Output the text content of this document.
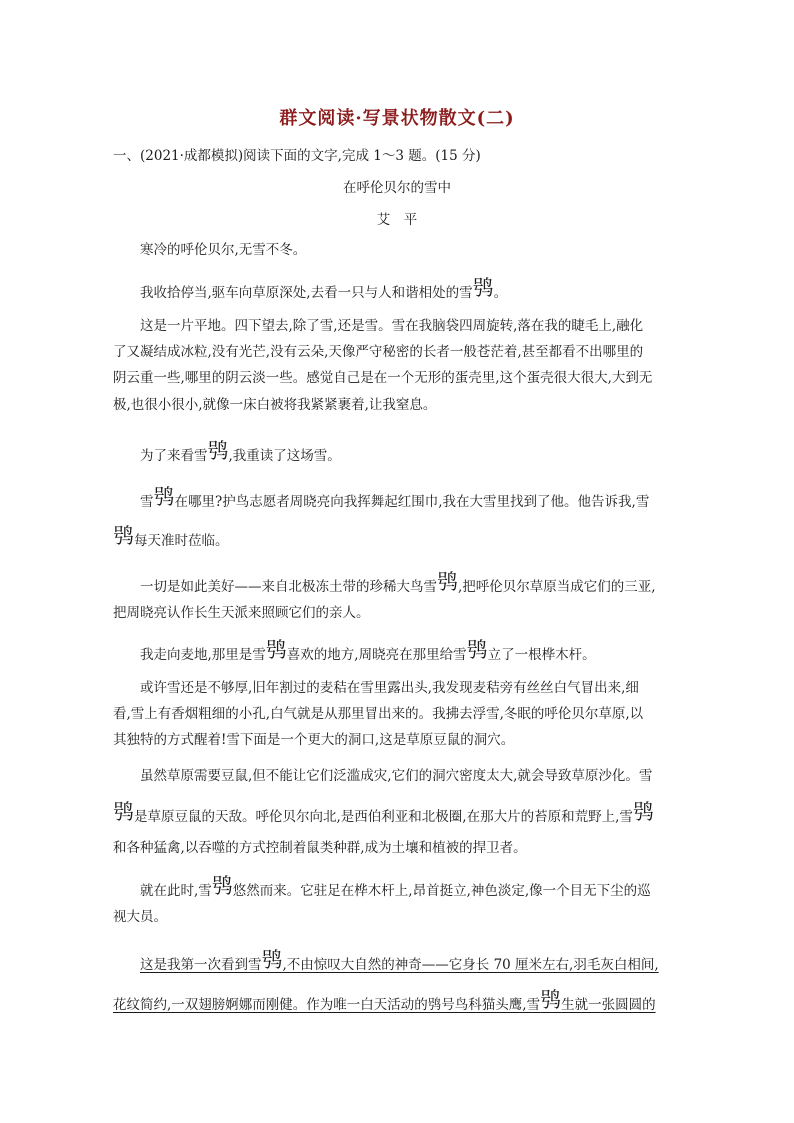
群文阅读·写景状物散文(二)
一、(2021·成都模拟)阅读下面的文字,完成 1～3 题。(15 分)
在呼伦贝尔的雪中
艾　平
寒冷的呼伦贝尔,无雪不冬。
我收拾停当,驱车向草原深处,去看一只与人和谐相处的雪鸮。
这是一片平地。四下望去,除了雪,还是雪。雪在我脑袋四周旋转,落在我的睫毛上,融化
了又凝结成冰粒,没有光芒,没有云朵,天像严守秘密的长者一般苍茫着,甚至都看不出哪里的
阴云重一些,哪里的阴云淡一些。感觉自己是在一个无形的蛋壳里,这个蛋壳很大很大,大到无
极,也很小很小,就像一床白被将我紧紧裹着,让我窒息。
为了来看雪鸮,我重读了这场雪。
雪鸮在哪里?护鸟志愿者周晓亮向我挥舞起红围巾,我在大雪里找到了他。他告诉我,雪
鸮每天准时莅临。
一切是如此美好——来自北极冻土带的珍稀大鸟雪鸮,把呼伦贝尔草原当成它们的三亚,
把周晓亮认作长生天派来照顾它们的亲人。
我走向麦地,那里是雪鸮喜欢的地方,周晓亮在那里给雪鸮立了一根桦木杆。
或许雪还是不够厚,旧年割过的麦秸在雪里露出头,我发现麦秸旁有丝丝白气冒出来,细
看,雪上有香烟粗细的小孔,白气就是从那里冒出来的。我拂去浮雪,冬眠的呼伦贝尔草原,以
其独特的方式醒着!雪下面是一个更大的洞口,这是草原豆鼠的洞穴。
虽然草原需要豆鼠,但不能让它们泛滥成灾,它们的洞穴密度太大,就会导致草原沙化。雪
鸮是草原豆鼠的天敌。呼伦贝尔向北,是西伯利亚和北极圈,在那大片的苔原和荒野上,雪鸮
和各种猛禽,以吞噬的方式控制着鼠类种群,成为土壤和植被的捍卫者。
就在此时,雪鸮悠然而来。它驻足在桦木杆上,昂首挺立,神色淡定,像一个目无下尘的巡
视大员。
这是我第一次看到雪鸮,不由惊叹大自然的神奇——它身长 70 厘米左右,羽毛灰白相间,
花纹简约,一双翅膀婀娜而刚健。作为唯一白天活动的鸮号鸟科猫头鹰,雪鸮生就一张圆圆的
